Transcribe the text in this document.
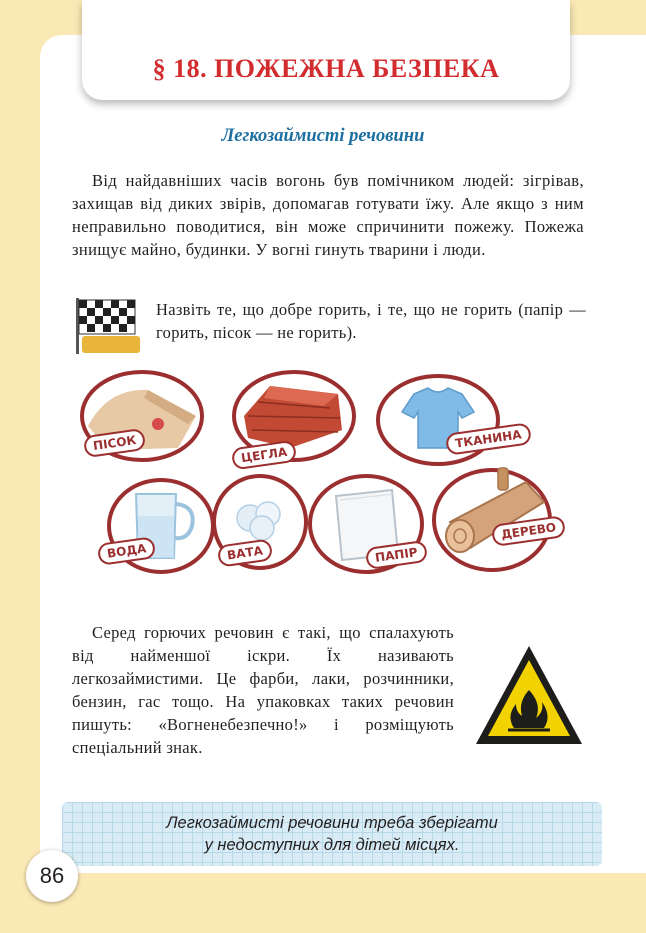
§ 18. ПОЖЕЖНА БЕЗПЕКА
Легкозаймисті речовини

Від найдавніших часів вогонь був помічником людей: зігрівав, захищав від диких звірів, допомагав готувати їжу. Але якщо з ним неправильно поводитися, він може спричинити пожежу. Пожежа знищує майно, будинки. У вогні гинуть тварини і люди.

Назвіть те, що добре горить, і те, що не горить (папір — горить, пісок — не горить).
ПІСОК
ЦЕГЛА
ТКАНИНА
ВОДА	ВАТА	ПАПІР
ДЕРЕВО

Серед горючих речовин є такі, що спалахують від найменшої іскри. Їх називають легкозаймистими. Це фарби, лаки, розчинники, бензин, гас тощо. На упаковках таких речовин пишуть: «Вогненебезпечно!» і розміщують спеціальний знак.

Легкозаймисті речовини треба зберігати
у недоступних для дітей місцях.
86
